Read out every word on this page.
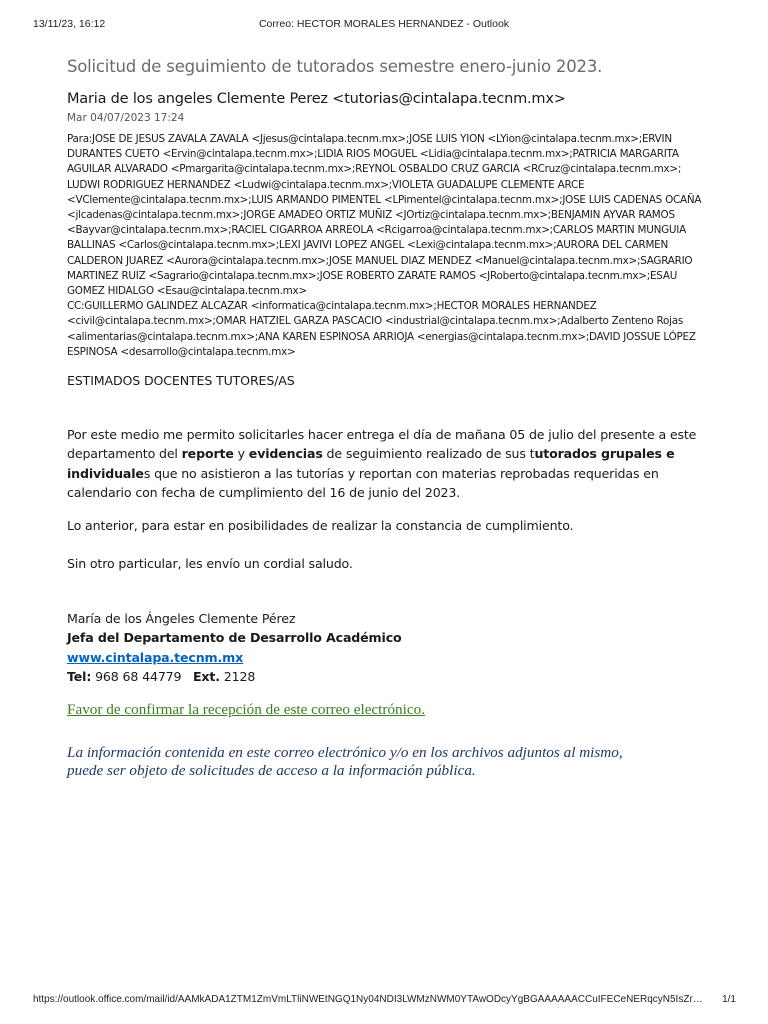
13/11/23, 16:12	Correo: HECTOR MORALES HERNANDEZ - Outlook
Solicitud de seguimiento de tutorados semestre enero-junio 2023.
Maria de los angeles Clemente Perez <tutorias@cintalapa.tecnm.mx>
Mar 04/07/2023 17:24
Para:JOSE DE JESUS ZAVALA ZAVALA <Jjesus@cintalapa.tecnm.mx>;JOSE LUIS YION <LYion@cintalapa.tecnm.mx>;ERVIN
DURANTES CUETO <Ervin@cintalapa.tecnm.mx>;LIDIA RIOS MOGUEL <Lidia@cintalapa.tecnm.mx>;PATRICIA MARGARITA
AGUILAR ALVARADO <Pmargarita@cintalapa.tecnm.mx>;REYNOL OSBALDO CRUZ GARCIA <RCruz@cintalapa.tecnm.mx>;
LUDWI RODRIGUEZ HERNANDEZ <Ludwi@cintalapa.tecnm.mx>;VIOLETA GUADALUPE CLEMENTE ARCE
<VClemente@cintalapa.tecnm.mx>;LUIS ARMANDO PIMENTEL <LPimentel@cintalapa.tecnm.mx>;JOSE LUIS CADENAS OCAÑA
<jlcadenas@cintalapa.tecnm.mx>;JORGE AMADEO ORTIZ MUÑIZ <JOrtiz@cintalapa.tecnm.mx>;BENJAMIN AYVAR RAMOS
<Bayvar@cintalapa.tecnm.mx>;RACIEL CIGARROA ARREOLA <Rcigarroa@cintalapa.tecnm.mx>;CARLOS MARTIN MUNGUIA
BALLINAS <Carlos@cintalapa.tecnm.mx>;LEXI JAVIVI LOPEZ ANGEL <Lexi@cintalapa.tecnm.mx>;AURORA DEL CARMEN
CALDERON JUAREZ <Aurora@cintalapa.tecnm.mx>;JOSE MANUEL DIAZ MENDEZ <Manuel@cintalapa.tecnm.mx>;SAGRARIO
MARTINEZ RUIZ <Sagrario@cintalapa.tecnm.mx>;JOSE ROBERTO ZARATE RAMOS <JRoberto@cintalapa.tecnm.mx>;ESAU
GOMEZ HIDALGO <Esau@cintalapa.tecnm.mx>
CC:GUILLERMO GALINDEZ ALCAZAR <informatica@cintalapa.tecnm.mx>;HECTOR MORALES HERNANDEZ
<civil@cintalapa.tecnm.mx>;OMAR HATZIEL GARZA PASCACIO <industrial@cintalapa.tecnm.mx>;Adalberto Zenteno Rojas
<alimentarias@cintalapa.tecnm.mx>;ANA KAREN ESPINOSA ARRIOJA <energias@cintalapa.tecnm.mx>;DAVID JOSSUE LÓPEZ
ESPINOSA <desarrollo@cintalapa.tecnm.mx>
ESTIMADOS DOCENTES TUTORES/AS
Por este medio me permito solicitarles hacer entrega el día de mañana 05 de julio del presente a este
departamento del reporte y evidencias de seguimiento realizado de sus tutorados grupales e
individuales que no asistieron a las tutorías y reportan con materias reprobadas requeridas en
calendario con fecha de cumplimiento del 16 de junio del 2023.
Lo anterior, para estar en posibilidades de realizar la constancia de cumplimiento.
Sin otro particular, les envío un cordial saludo.
María de los Ángeles Clemente Pérez
Jefa del Departamento de Desarrollo Académico
www.cintalapa.tecnm.mx
Tel: 968 68 44779   Ext. 2128
Favor de confirmar la recepción de este correo electrónico.
La información contenida en este correo electrónico y/o en los archivos adjuntos al mismo,
puede ser objeto de solicitudes de acceso a la información pública.
https://outlook.office.com/mail/id/AAMkADA1ZTM1ZmVmLTliNWEtNGQ1Ny04NDI3LWMzNWM0YTAwODcyYgBGAAAAAACCuIFECeNERqcyN5IsZr… 1/1
